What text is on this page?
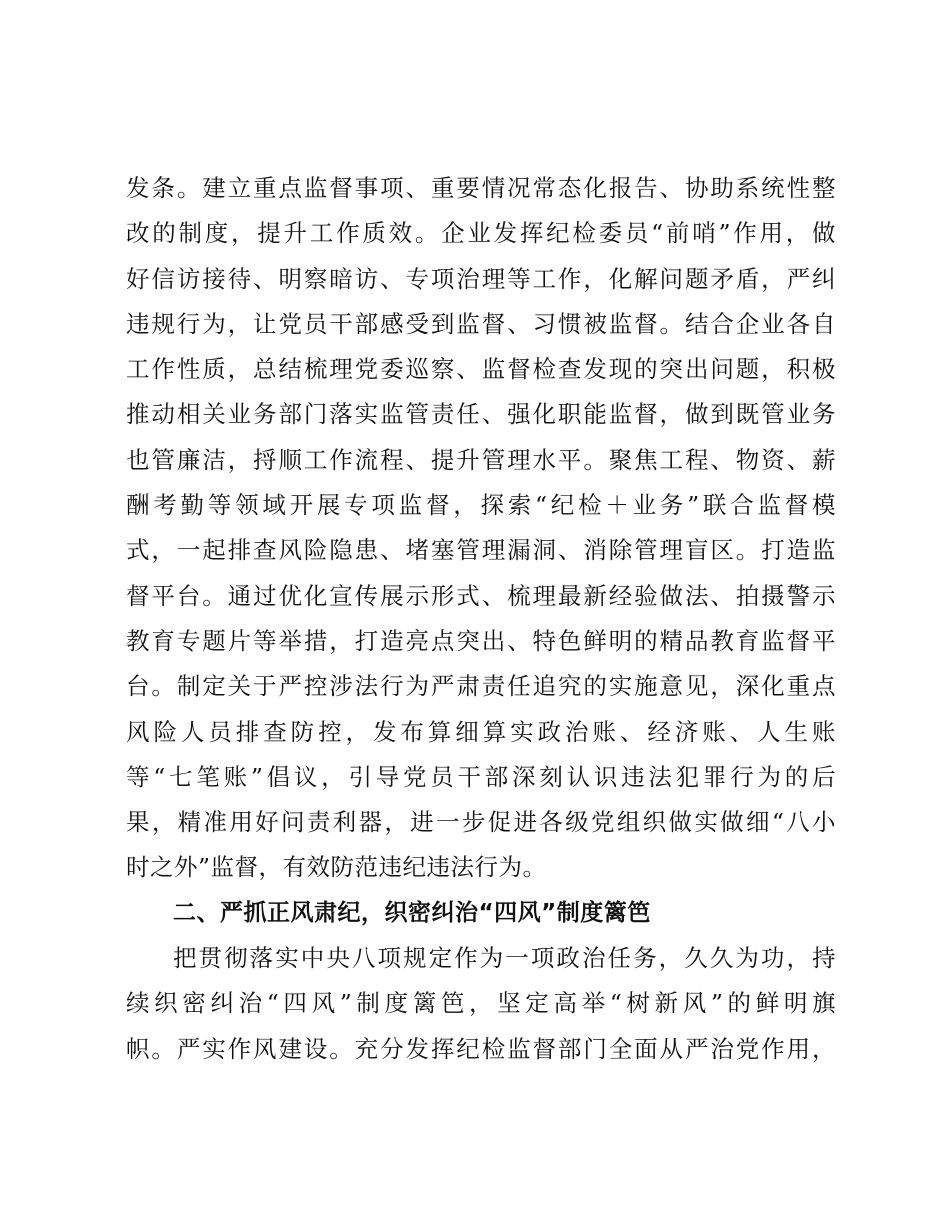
发条。建立重点监督事项、重要情况常态化报告、协助系统性整
改的制度，提升工作质效。企业发挥纪检委员“前哨”作用，做
好信访接待、明察暗访、专项治理等工作，化解问题矛盾，严纠
违规行为，让党员干部感受到监督、习惯被监督。结合企业各自
工作性质，总结梳理党委巡察、监督检查发现的突出问题，积极
推动相关业务部门落实监管责任、强化职能监督，做到既管业务
也管廉洁，捋顺工作流程、提升管理水平。聚焦工程、物资、薪
酬考勤等领域开展专项监督，探索“纪检＋业务”联合监督模
式，一起排查风险隐患、堵塞管理漏洞、消除管理盲区。打造监
督平台。通过优化宣传展示形式、梳理最新经验做法、拍摄警示
教育专题片等举措，打造亮点突出、特色鲜明的精品教育监督平
台。制定关于严控涉法行为严肃责任追究的实施意见，深化重点
风险人员排查防控，发布算细算实政治账、经济账、人生账
等“七笔账”倡议，引导党员干部深刻认识违法犯罪行为的后
果，精准用好问责利器，进一步促进各级党组织做实做细“八小
时之外”监督，有效防范违纪违法行为。
二、严抓正风肃纪，织密纠治“四风”制度篱笆
把贯彻落实中央八项规定作为一项政治任务，久久为功，持
续织密纠治“四风”制度篱笆，坚定高举“树新风”的鲜明旗
帜。严实作风建设。充分发挥纪检监督部门全面从严治党作用，
